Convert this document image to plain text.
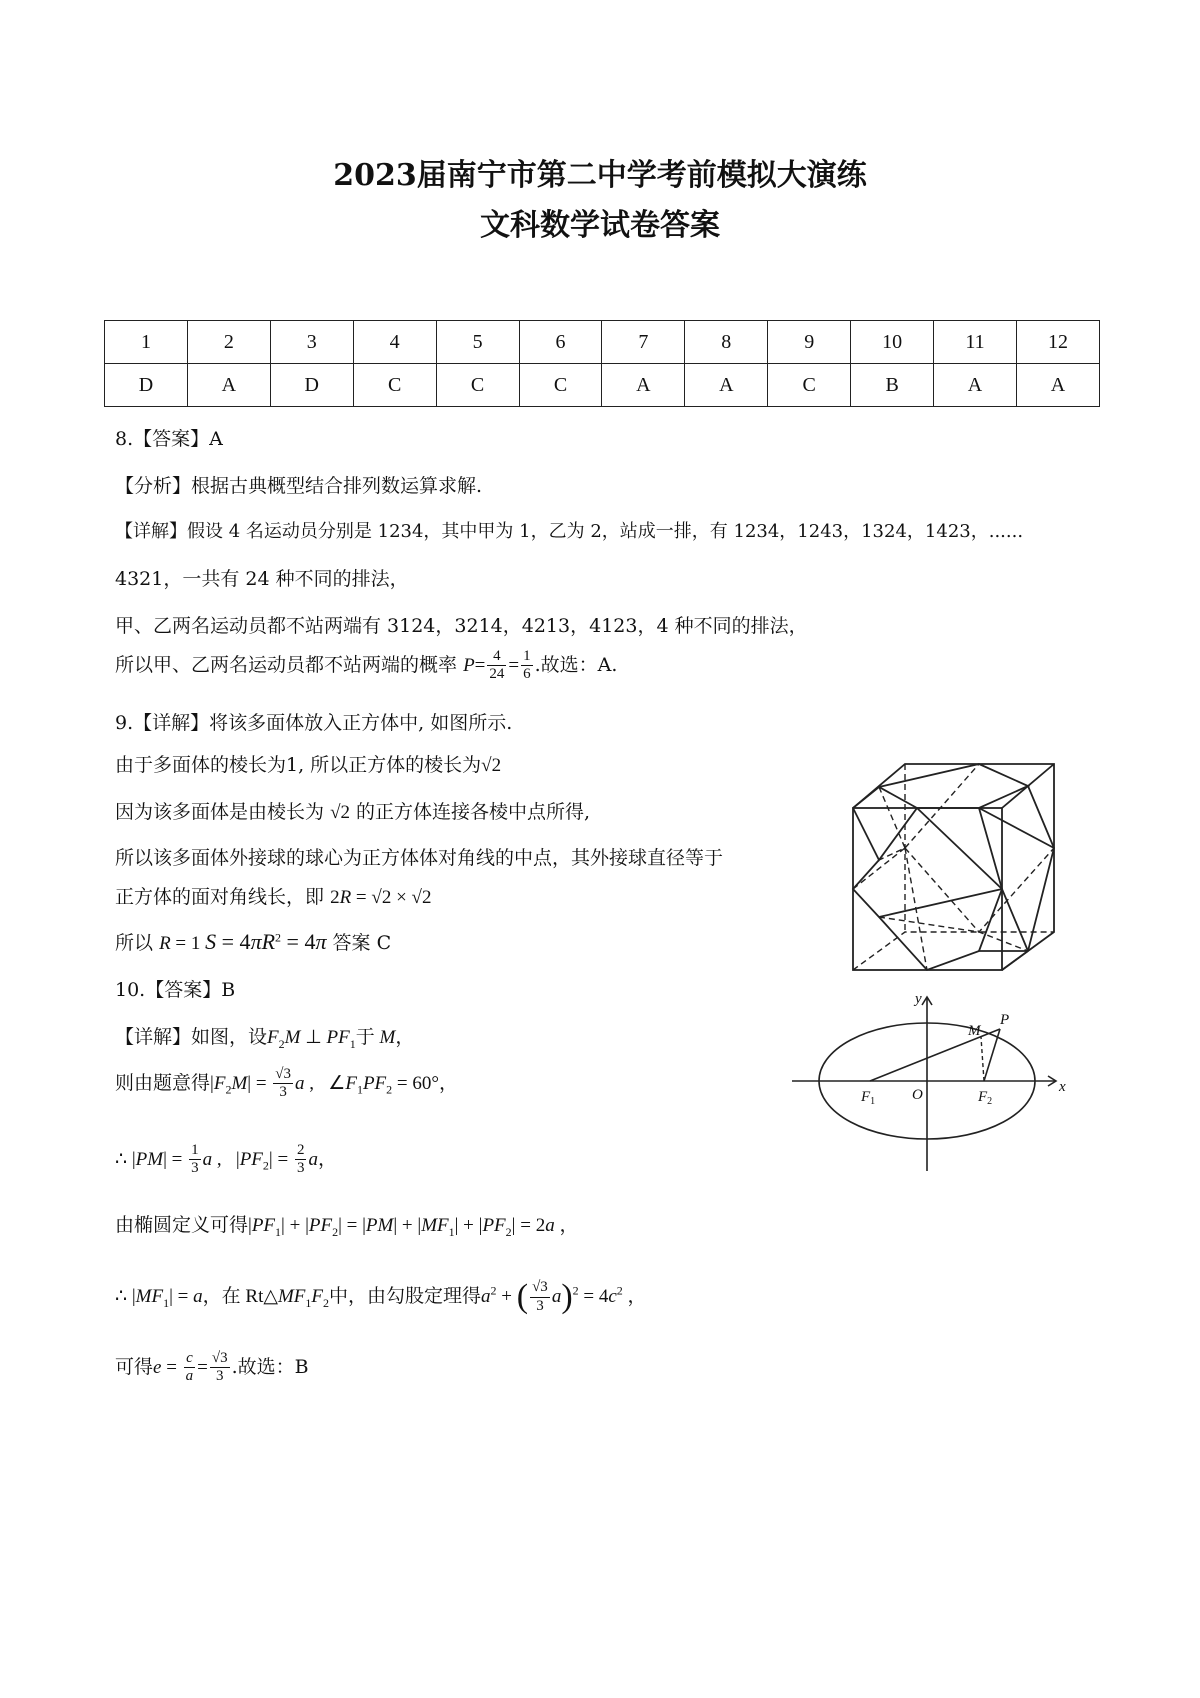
2023届南宁市第二中学考前模拟大演练
文科数学试卷答案
1	2	3	4	5	6	7	8	9	10	11	12
D	A	D	C	C	C	A	A	C	B	A	A
8.【答案】A
【分析】根据古典概型结合排列数运算求解.
【详解】假设 4 名运动员分别是 1234，其中甲为 1，乙为 2，站成一排，有 1234，1243，1324，1423，......
4321，一共有 24 种不同的排法，
甲、乙两名运动员都不站两端有 3124，3214，4213，4123，4 种不同的排法，
所以甲、乙两名运动员都不站两端的概率 $P= \frac{4}{24} = \frac{1}{6}$ .故选：A.
9.【详解】将该多面体放入正方体中, 如图所示.
由于多面体的棱长为1, 所以正方体的棱长为√2
因为该多面体是由棱长为 √2 的正方体连接各棱中点所得,
所以该多面体外接球的球心为正方体体对角线的中点，其外接球直径等于
正方体的面对角线长，即 2R = √2 × √2
所以 R = 1 $S = 4\pi R^2 = 4\pi$ 答案 C
10.【答案】B
【详解】如图，设$F_2M$ ⊥ $PF_1$于 M，
则由题意得$|F_2M| = \frac{√3}{3}$ a ,   $\angle F_1PF_2 = 60^\circ$，
∴ $|PM| = \frac{1}{3}$ a ,   $|PF_2| = \frac{2}{3}$ a，
由椭圆定义可得$|PF_1| + |PF_2| = |PM| + |MF_1| + |PF_2| = 2a$ ，
∴ $|MF_1| = a$，在 $Rt\triangle MF_1F_2$中，由勾股定理得$a^2$ + ( $\frac{√3}{3} a)^2 = 4c^2$ ，
可得$e = \frac{c}{a} = \frac{√3}{3}$ .故选：B
y
x
O
M
P
$F_1$	$F_2$
